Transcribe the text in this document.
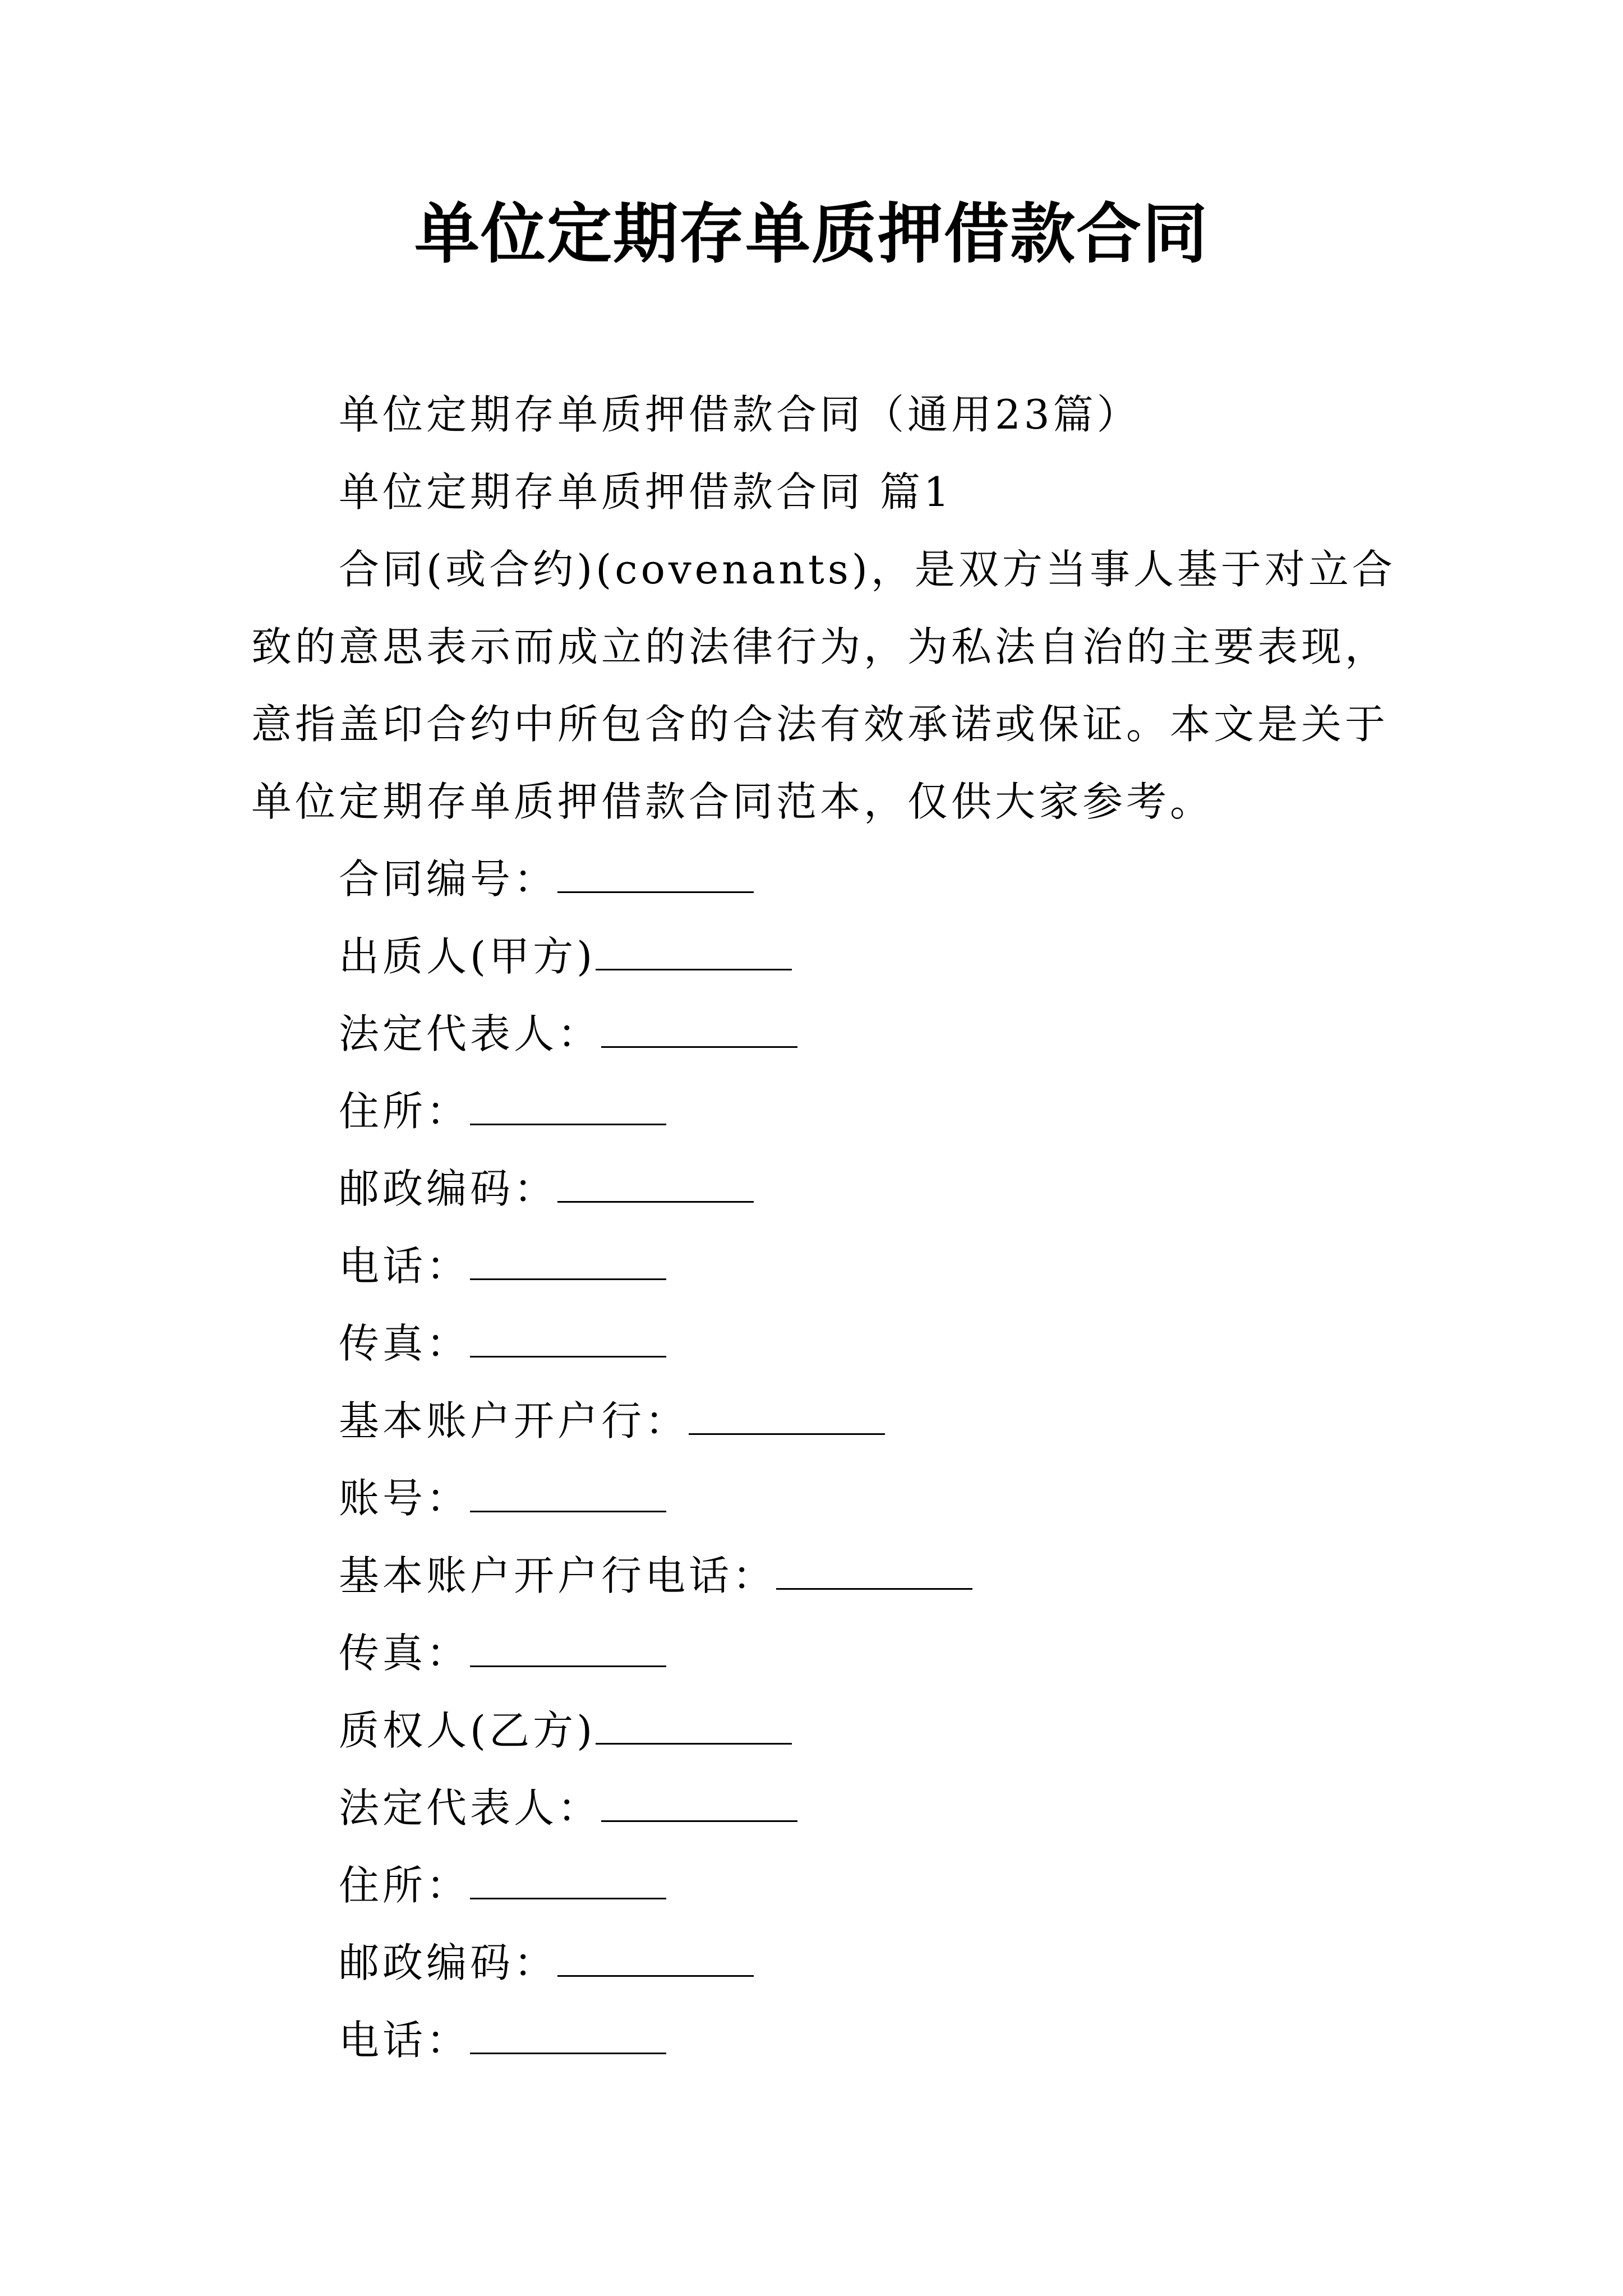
单位定期存单质押借款合同

单位定期存单质押借款合同（通用23篇）

单位定期存单质押借款合同 篇1

合同(或合约)(covenants)，是双方当事人基于对立合致的意思表示而成立的法律行为，为私法自治的主要表现，意指盖印合约中所包含的合法有效承诺或保证。本文是关于单位定期存单质押借款合同范本，仅供大家参考。

合同编号：

出质人(甲方)

法定代表人：

住所：

邮政编码：

电话：

传真：

基本账户开户行：

账号：

基本账户开户行电话：

传真：

质权人(乙方)

法定代表人：

住所：

邮政编码：

电话：
